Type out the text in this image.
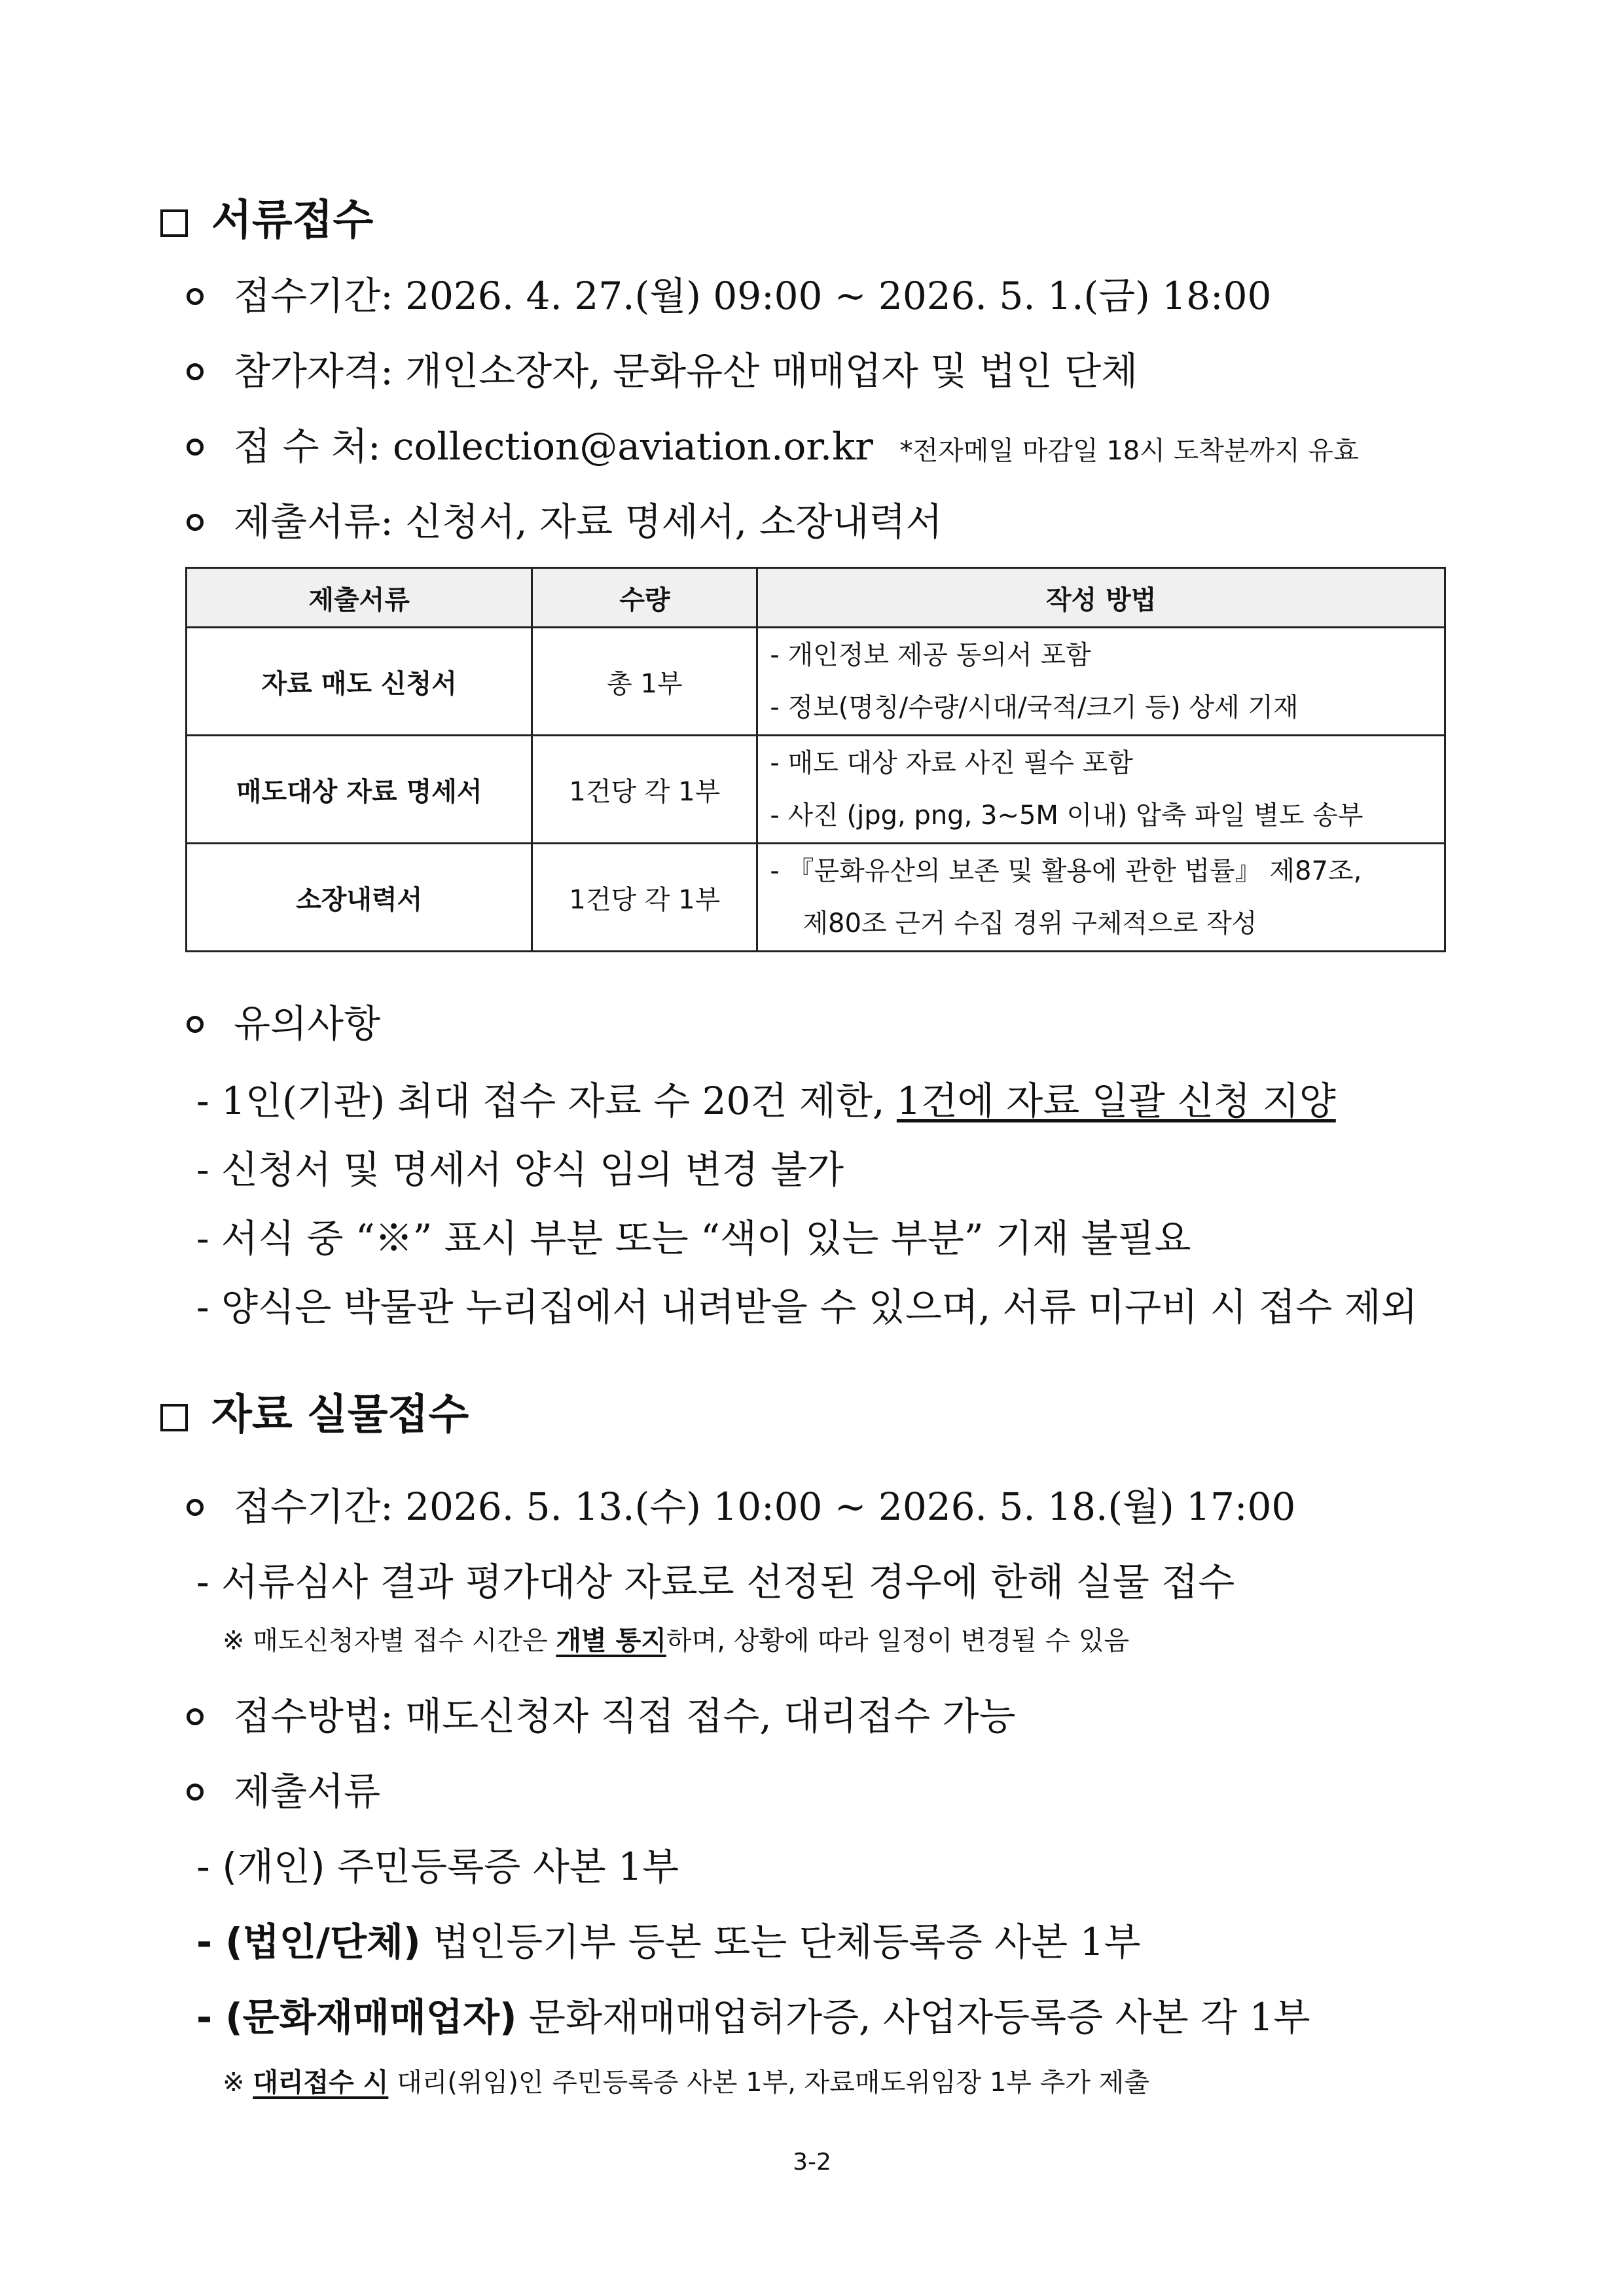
서류접수
접수기간: 2026. 4. 27.(월) 09:00 ~ 2026. 5. 1.(금) 18:00
참가자격: 개인소장자, 문화유산 매매업자 및 법인 단체
접 수 처: collection@aviation.or.kr *전자메일 마감일 18시 도착분까지 유효
제출서류: 신청서, 자료 명세서, 소장내력서
제출서류	수량	작성 방법
자료 매도 신청서	총 1부	- 개인정보 제공 동의서 포함
- 정보(명칭/수량/시대/국적/크기 등) 상세 기재

매도대상 자료 명세서	1건당 각 1부	- 매도 대상 자료 사진 필수 포함
- 사진 (jpg, png, 3~5M 이내) 압축 파일 별도 송부

소장내력서	1건당 각 1부	- 『문화유산의 보존 및 활용에 관한 법률』 제87조,
제80조 근거 수집 경위 구체적으로 작성
유의사항
- 1인(기관) 최대 접수 자료 수 20건 제한, 1건에 자료 일괄 신청 지양
- 신청서 및 명세서 양식 임의 변경 불가
- 서식 중 “※” 표시 부분 또는 “색이 있는 부분” 기재 불필요
- 양식은 박물관 누리집에서 내려받을 수 있으며, 서류 미구비 시 접수 제외
자료 실물접수
접수기간: 2026. 5. 13.(수) 10:00 ~ 2026. 5. 18.(월) 17:00
- 서류심사 결과 평가대상 자료로 선정된 경우에 한해 실물 접수
※ 매도신청자별 접수 시간은 개별 통지하며, 상황에 따라 일정이 변경될 수 있음
접수방법: 매도신청자 직접 접수, 대리접수 가능
제출서류
- (개인) 주민등록증 사본 1부
- (법인/단체) 법인등기부 등본 또는 단체등록증 사본 1부
- (문화재매매업자) 문화재매매업허가증, 사업자등록증 사본 각 1부
※ 대리접수 시 대리(위임)인 주민등록증 사본 1부, 자료매도위임장 1부 추가 제출
3-2
